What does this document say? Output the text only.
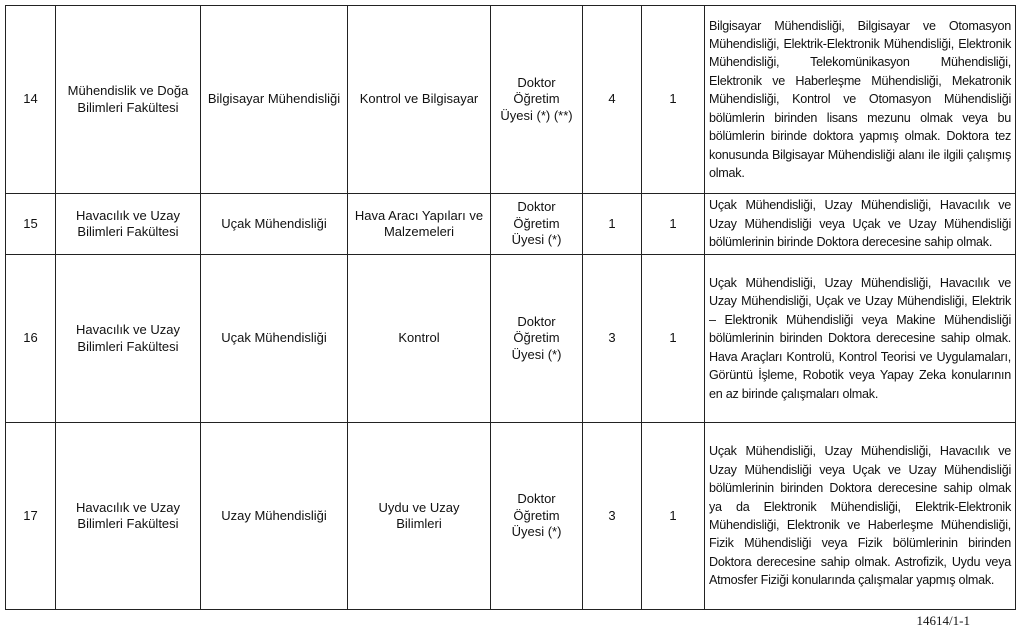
14	Mühendislik ve Doğa Bilimleri Fakültesi	Bilgisayar Mühendisliği	Kontrol ve Bilgisayar	Doktor Öğretim Üyesi (*) (**)	4	1	Bilgisayar Mühendisliği, Bilgisayar ve Otomasyon Mühendisliği, Elektrik-Elektronik Mühendisliği, Elektronik Mühendisliği, Telekomünikasyon Mühendisliği, Elektronik ve Haberleşme Mühendisliği, Mekatronik Mühendisliği, Kontrol ve Otomasyon Mühendisliği bölümlerin birinden lisans mezunu olmak veya bu bölümlerin birinde doktora yapmış olmak. Doktora tez konusunda Bilgisayar Mühendisliği alanı ile ilgili çalışmış olmak.
15	Havacılık ve Uzay Bilimleri Fakültesi	Uçak Mühendisliği	Hava Aracı Yapıları ve Malzemeleri	Doktor Öğretim Üyesi (*)	1	1	Uçak Mühendisliği, Uzay Mühendisliği, Havacılık ve Uzay Mühendisliği veya Uçak ve Uzay Mühendisliği bölümlerinin birinde Doktora derecesine sahip olmak.
16	Havacılık ve Uzay Bilimleri Fakültesi	Uçak Mühendisliği	Kontrol	Doktor Öğretim Üyesi (*)	3	1	Uçak Mühendisliği, Uzay Mühendisliği, Havacılık ve Uzay Mühendisliği, Uçak ve Uzay Mühendisliği, Elektrik – Elektronik Mühendisliği veya Makine Mühendisliği bölümlerinin birinden Doktora derecesine sahip olmak. Hava Araçları Kontrolü, Kontrol Teorisi ve Uygulamaları, Görüntü İşleme, Robotik veya Yapay Zeka konularının en az birinde çalışmaları olmak.
17	Havacılık ve Uzay Bilimleri Fakültesi	Uzay Mühendisliği	Uydu ve Uzay Bilimleri	Doktor Öğretim Üyesi (*)	3	1	Uçak Mühendisliği, Uzay Mühendisliği, Havacılık ve Uzay Mühendisliği veya Uçak ve Uzay Mühendisliği bölümlerinin birinden Doktora derecesine sahip olmak ya da Elektronik Mühendisliği, Elektrik-Elektronik Mühendisliği, Elektronik ve Haberleşme Mühendisliği, Fizik Mühendisliği veya Fizik bölümlerinin birinden Doktora derecesine sahip olmak. Astrofizik, Uydu veya Atmosfer Fiziği konularında çalışmalar yapmış olmak.
14614/1-1
